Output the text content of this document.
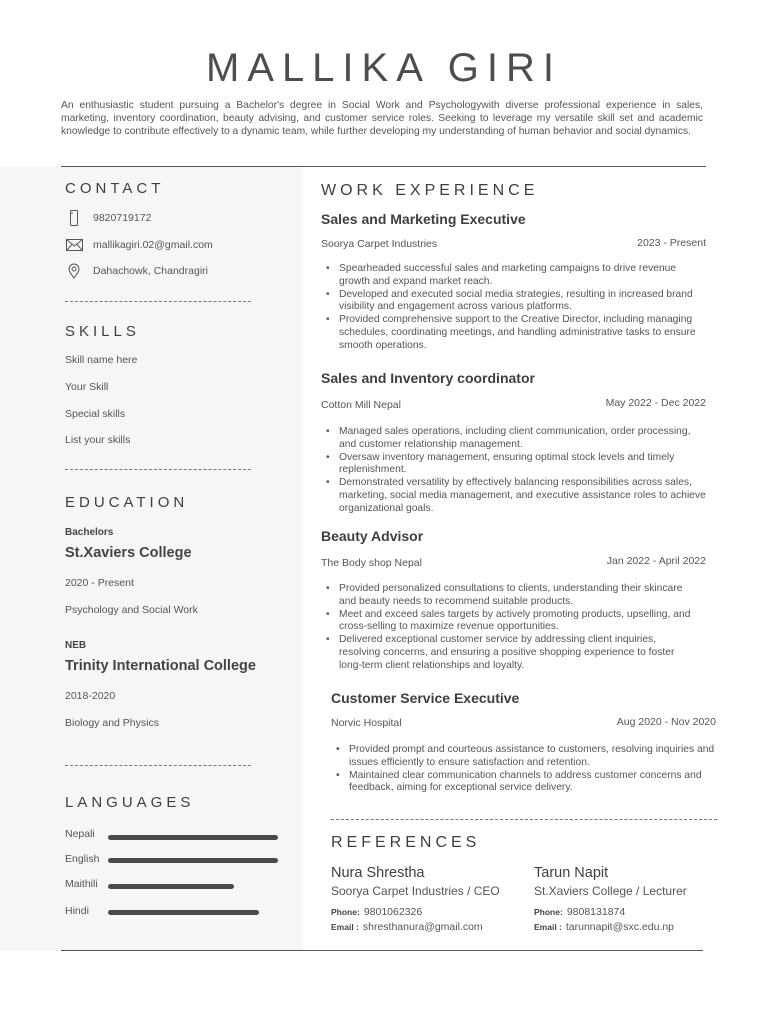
MALLIKA GIRI

An enthusiastic student pursuing a Bachelor's degree in Social Work and Psychologywith diverse professional experience in sales, marketing, inventory coordination, beauty advising, and customer service roles. Seeking to leverage my versatile skill set and academic knowledge to contribute effectively to a dynamic team, while further developing my understanding of human behavior and social dynamics.

CONTACT
9820719172
mallikagiri.02@gmail.com
Dahachowk, Chandragiri
SKILLS
Skill name here
Your Skill
Special skills
List your skills
EDUCATION
Bachelors
St.Xaviers College
2020 - Present
Psychology and Social Work
NEB
Trinity International College
2018-2020
Biology and Physics
LANGUAGES
Nepali
English
Maithili
Hindi
WORK EXPERIENCE
Sales and Marketing Executive
Soorya Carpet Industries	2023 - Present
• Spearheaded successful sales and marketing campaigns to drive revenue growth and expand market reach.
• Developed and executed social media strategies, resulting in increased brand visibility and engagement across various platforms.
• Provided comprehensive support to the Creative Director, including managing schedules, coordinating meetings, and handling administrative tasks to ensure smooth operations.
Sales and Inventory coordinator
Cotton Mill Nepal	May 2022 - Dec 2022
• Managed sales operations, including client communication, order processing, and customer relationship management.
• Oversaw inventory management, ensuring optimal stock levels and timely replenishment.
• Demonstrated versatility by effectively balancing responsibilities across sales, marketing, social media management, and executive assistance roles to achieve organizational goals.
Beauty Advisor
The Body shop Nepal	Jan 2022 - April 2022
• Provided personalized consultations to clients, understanding their skincare and beauty needs to recommend suitable products.
• Meet and exceed sales targets by actively promoting products, upselling, and cross-selling to maximize revenue opportunities.
• Delivered exceptional customer service by addressing client inquiries, resolving concerns, and ensuring a positive shopping experience to foster long-term client relationships and loyalty.
Customer Service Executive
Norvic Hospital	Aug 2020 - Nov 2020
• Provided prompt and courteous assistance to customers, resolving inquiries and issues efficiently to ensure satisfaction and retention.
• Maintained clear communication channels to address customer concerns and feedback, aiming for exceptional service delivery.
REFERENCES
Nura Shrestha
Soorya Carpet Industries / CEO
Phone: 9801062326
Email : shresthanura@gmail.com
Tarun Napit
St.Xaviers College / Lecturer
Phone: 9808131874
Email : tarunnapit@sxc.edu.np
